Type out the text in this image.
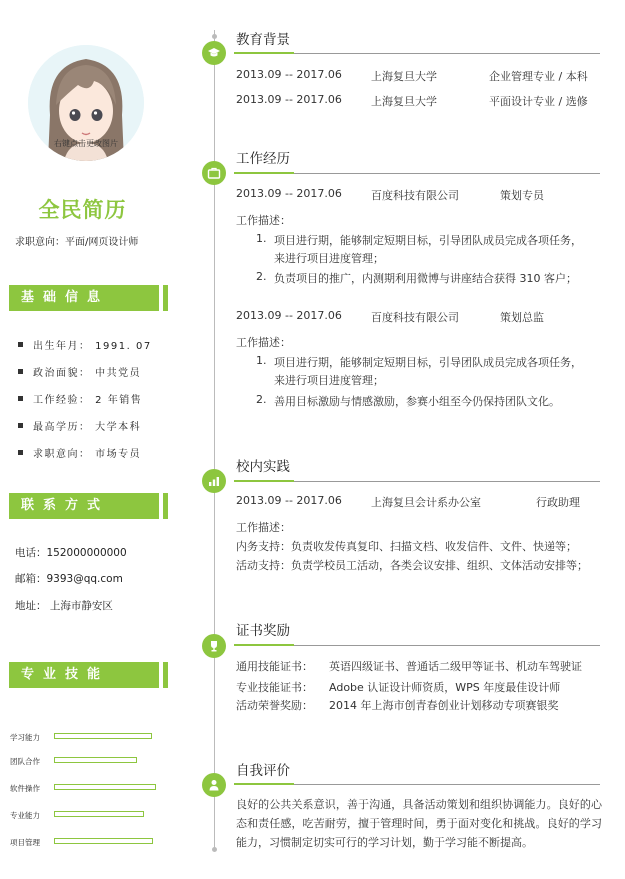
右键点击更改图片
全民简历
求职意向：平面/网页设计师
基础信息
出生年月： 1991. 07
政治面貌： 中共党员
工作经验： 2 年销售
最高学历： 大学本科
求职意向： 市场专员
联系方式
电话：152000000000
邮箱：9393@qq.com
地址： 上海市静安区
专业技能
学习能力
团队合作
软件操作
专业能力
项目管理
教育背景
2013.09 -- 2017.06	上海复旦大学	企业管理专业 / 本科
2013.09 -- 2017.06	上海复旦大学	平面设计专业 / 选修
工作经历
2013.09 -- 2017.06	百度科技有限公司	策划专员
工作描述：
1. 项目进行期，能够制定短期目标，引导团队成员完成各项任务，
来进行项目进度管理；
2. 负责项目的推广，内测期利用微博与讲座结合获得 310 客户；
2013.09 -- 2017.06	百度科技有限公司	策划总监
工作描述：
1. 项目进行期，能够制定短期目标，引导团队成员完成各项任务，
来进行项目进度管理；
2. 善用目标激励与情感激励，参赛小组至今仍保持团队文化。
校内实践
2013.09 -- 2017.06	上海复旦会计系办公室	行政助理
工作描述：
内务支持：负责收发传真复印、扫描文档、收发信件、文件、快递等；
活动支持：负责学校员工活动，各类会议安排、组织、文体活动安排等；
证书奖励
通用技能证书： 英语四级证书、普通话二级甲等证书、机动车驾驶证
专业技能证书： Adobe 认证设计师资质，WPS 年度最佳设计师
活动荣誉奖励： 2014 年上海市创青春创业计划移动专项赛银奖
自我评价
良好的公共关系意识，善于沟通，具备活动策划和组织协调能力。良好的心态和责任感，吃苦耐劳，擅于管理时间，勇于面对变化和挑战。良好的学习能力，习惯制定切实可行的学习计划，勤于学习能不断提高。
